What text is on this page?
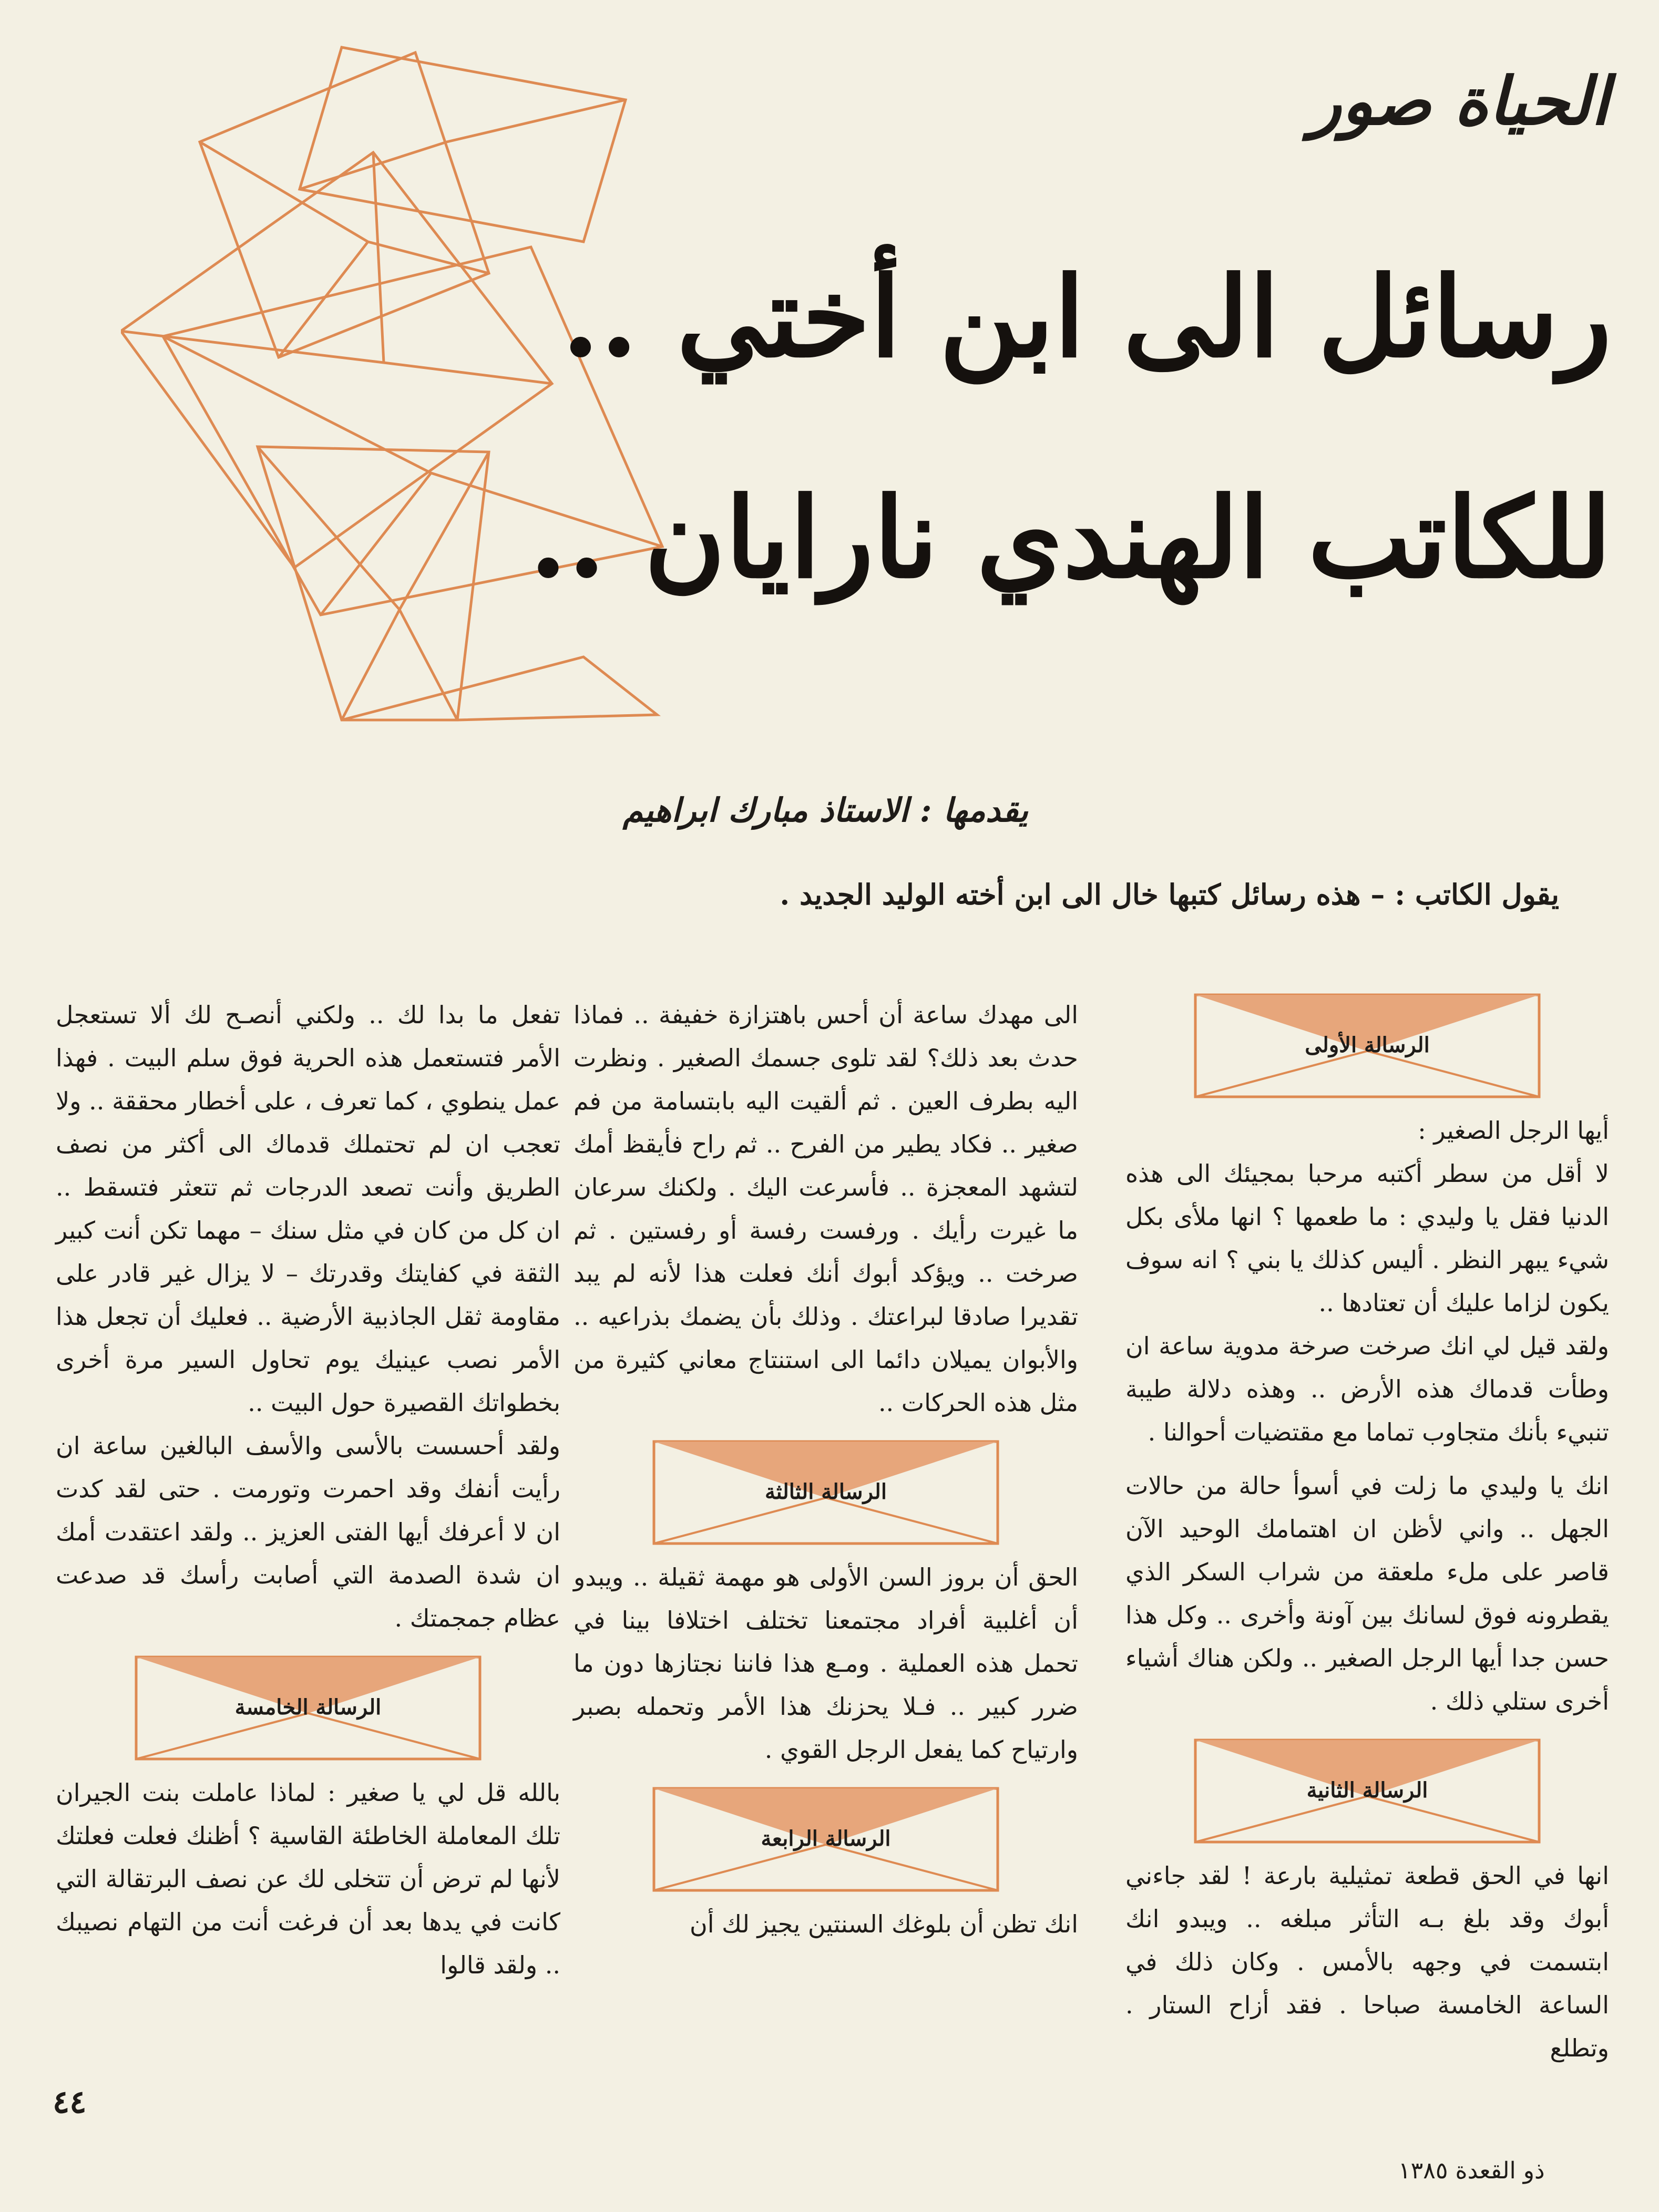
الحياة صور
رسائل الى ابن أختي ..
للكاتب الهندي نارايان ..
يقدمها : الاستاذ مبارك ابراهيم
يقول الكاتب : – هذه رسائل كتبها خال الى ابن أخته الوليد الجديد .
الرسالة الأولى

أيها الرجل الصغير :

لا أقل من سطر أكتبه مرحبا بمجيئك الى هذه الدنيا فقل يا وليدي : ما طعمها ؟ انها ملأى بكل شيء يبهر النظر . أليس كذلك يا بني ؟ انه سوف يكون لزاما عليك أن تعتادها ..

ولقد قيل لي انك صرخت صرخة مدوية ساعة ان وطأت قدماك هذه الأرض .. وهذه دلالة طيبة تنبيء بأنك متجاوب تماما مع مقتضيات أحوالنا .

انك يا وليدي ما زلت في أسوأ حالة من حالات الجهل .. واني لأظن ان اهتمامك الوحيد الآن قاصر على ملء ملعقة من شراب السكر الذي يقطرونه فوق لسانك بين آونة وأخرى .. وكل هذا حسن جدا أيها الرجل الصغير .. ولكن هناك أشياء أخرى ستلي ذلك .

الرسالة الثانية

انها في الحق قطعة تمثيلية بارعة ! لقد جاءني أبوك وقد بلغ بـه التأثر مبلغه .. ويبدو انك ابتسمت في وجهه بالأمس . وكان ذلك في الساعة الخامسة صباحا . فقد أزاح الستار . وتطلع

الى مهدك ساعة أن أحس باهتزازة خفيفة .. فماذا حدث بعد ذلك؟ لقد تلوى جسمك الصغير . ونظرت اليه بطرف العين . ثم ألقيت اليه بابتسامة من فم صغير .. فكاد يطير من الفرح .. ثم راح فأيقظ أمك لتشهد المعجزة .. فأسرعت اليك . ولكنك سرعان ما غيرت رأيك . ورفست رفسة أو رفستين . ثم صرخت .. ويؤكد أبوك أنك فعلت هذا لأنه لم يبد تقديرا صادقا لبراعتك . وذلك بأن يضمك بذراعيه .. والأبوان يميلان دائما الى استنتاج معاني كثيرة من مثل هذه الحركات ..

الرسالة الثالثة

الحق أن بروز السن الأولى هو مهمة ثقيلة .. ويبدو أن أغلبية أفراد مجتمعنا تختلف اختلافا بينا في تحمل هذه العملية . ومـع هذا فاننا نجتازها دون ما ضرر كبير .. فـلا يحزنك هذا الأمر وتحمله بصبر وارتياح كما يفعل الرجل القوي .

الرسالة الرابعة

انك تظن أن بلوغك السنتين يجيز لك أن

تفعل ما بدا لك .. ولكني أنصـح لك ألا تستعجل الأمر فتستعمل هذه الحرية فوق سلم البيت . فهذا عمل ينطوي ، كما تعرف ، على أخطار محققة .. ولا تعجب ان لم تحتملك قدماك الى أكثر من نصف الطريق وأنت تصعد الدرجات ثم تتعثر فتسقط .. ان كل من كان في مثل سنك – مهما تكن أنت كبير الثقة في كفايتك وقدرتك – لا يزال غير قادر على مقاومة ثقل الجاذبية الأرضية .. فعليك أن تجعل هذا الأمر نصب عينيك يوم تحاول السير مرة أخرى بخطواتك القصيرة حول البيت ..

ولقد أحسست بالأسى والأسف البالغين ساعة ان رأيت أنفك وقد احمرت وتورمت . حتى لقد كدت ان لا أعرفك أيها الفتى العزيز .. ولقد اعتقدت أمك ان شدة الصدمة التي أصابت رأسك قد صدعت عظام جمجمتك .

الرسالة الخامسة

بالله قل لي يا صغير : لماذا عاملت بنت الجيران تلك المعاملة الخاطئة القاسية ؟ أظنك فعلت فعلتك لأنها لم ترض أن تتخلى لك عن نصف البرتقالة التي كانت في يدها بعد أن فرغت أنت من التهام نصيبك .. ولقد قالوا

٤٤
ذو القعدة ١٣٨٥
